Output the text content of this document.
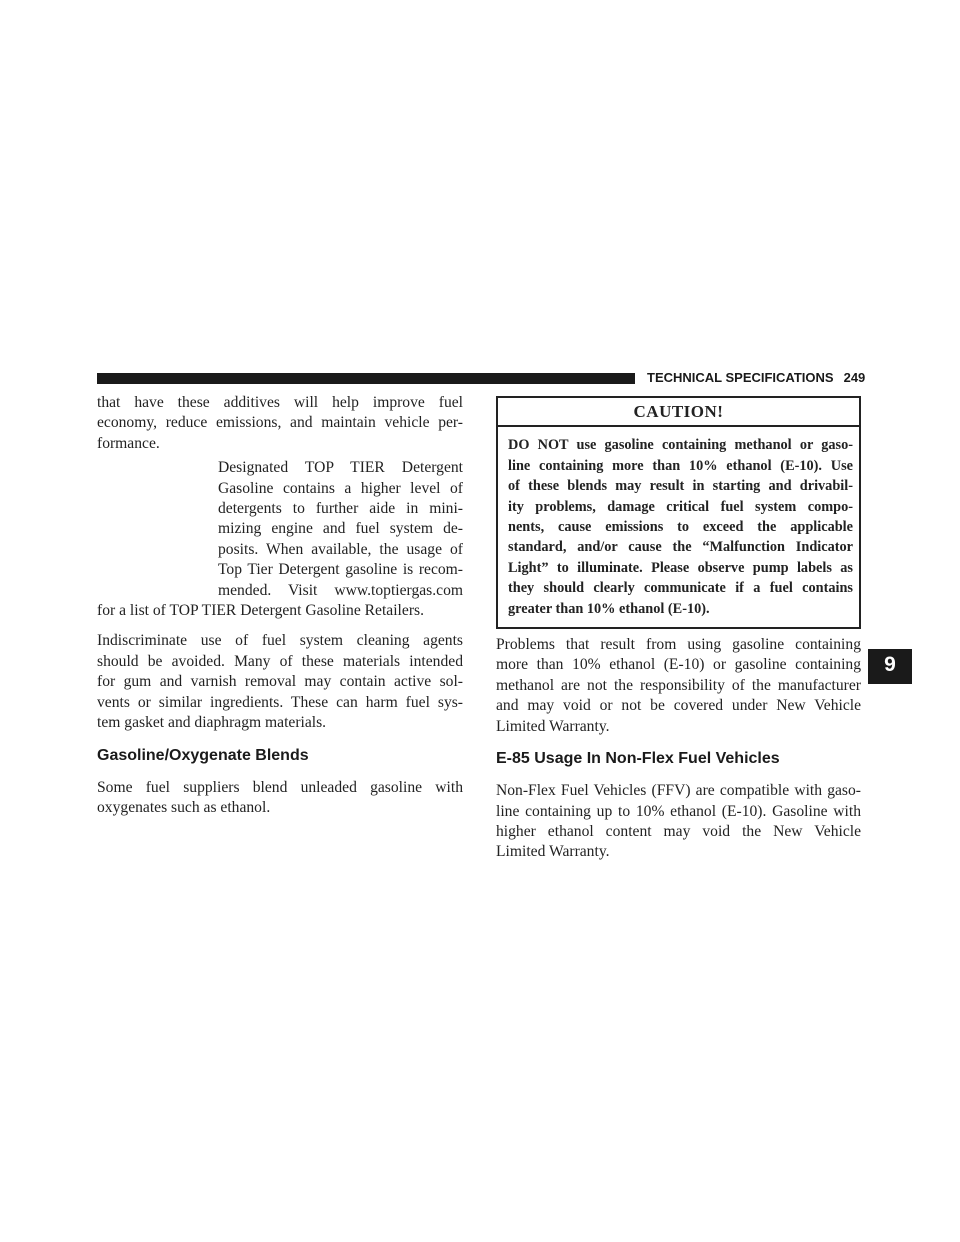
TECHNICAL SPECIFICATIONS 249
9

that have these additives will help improve fuel
economy, reduce emissions, and maintain vehicle per-
formance.

Designated TOP TIER Detergent
Gasoline contains a higher level of
detergents to further aide in mini-
mizing engine and fuel system de-
posits. When available, the usage of
Top Tier Detergent gasoline is recom-
mended. Visit www.toptiergas.com

for a list of TOP TIER Detergent Gasoline Retailers.

Indiscriminate use of fuel system cleaning agents
should be avoided. Many of these materials intended
for gum and varnish removal may contain active sol-
vents or similar ingredients. These can harm fuel sys-
tem gasket and diaphragm materials.

Gasoline/Oxygenate Blends

Some fuel suppliers blend unleaded gasoline with
oxygenates such as ethanol.

CAUTION!
DO NOT use gasoline containing methanol or gaso-
line containing more than 10% ethanol (E-10). Use
of these blends may result in starting and drivabil-
ity problems, damage critical fuel system compo-
nents, cause emissions to exceed the applicable
standard, and/or cause the “Malfunction Indicator
Light” to illuminate. Please observe pump labels as
they should clearly communicate if a fuel contains
greater than 10% ethanol (E-10).

Problems that result from using gasoline containing
more than 10% ethanol (E-10) or gasoline containing
methanol are not the responsibility of the manufacturer
and may void or not be covered under New Vehicle
Limited Warranty.

E-85 Usage In Non-Flex Fuel Vehicles

Non-Flex Fuel Vehicles (FFV) are compatible with gaso-
line containing up to 10% ethanol (E-10). Gasoline with
higher ethanol content may void the New Vehicle
Limited Warranty.
